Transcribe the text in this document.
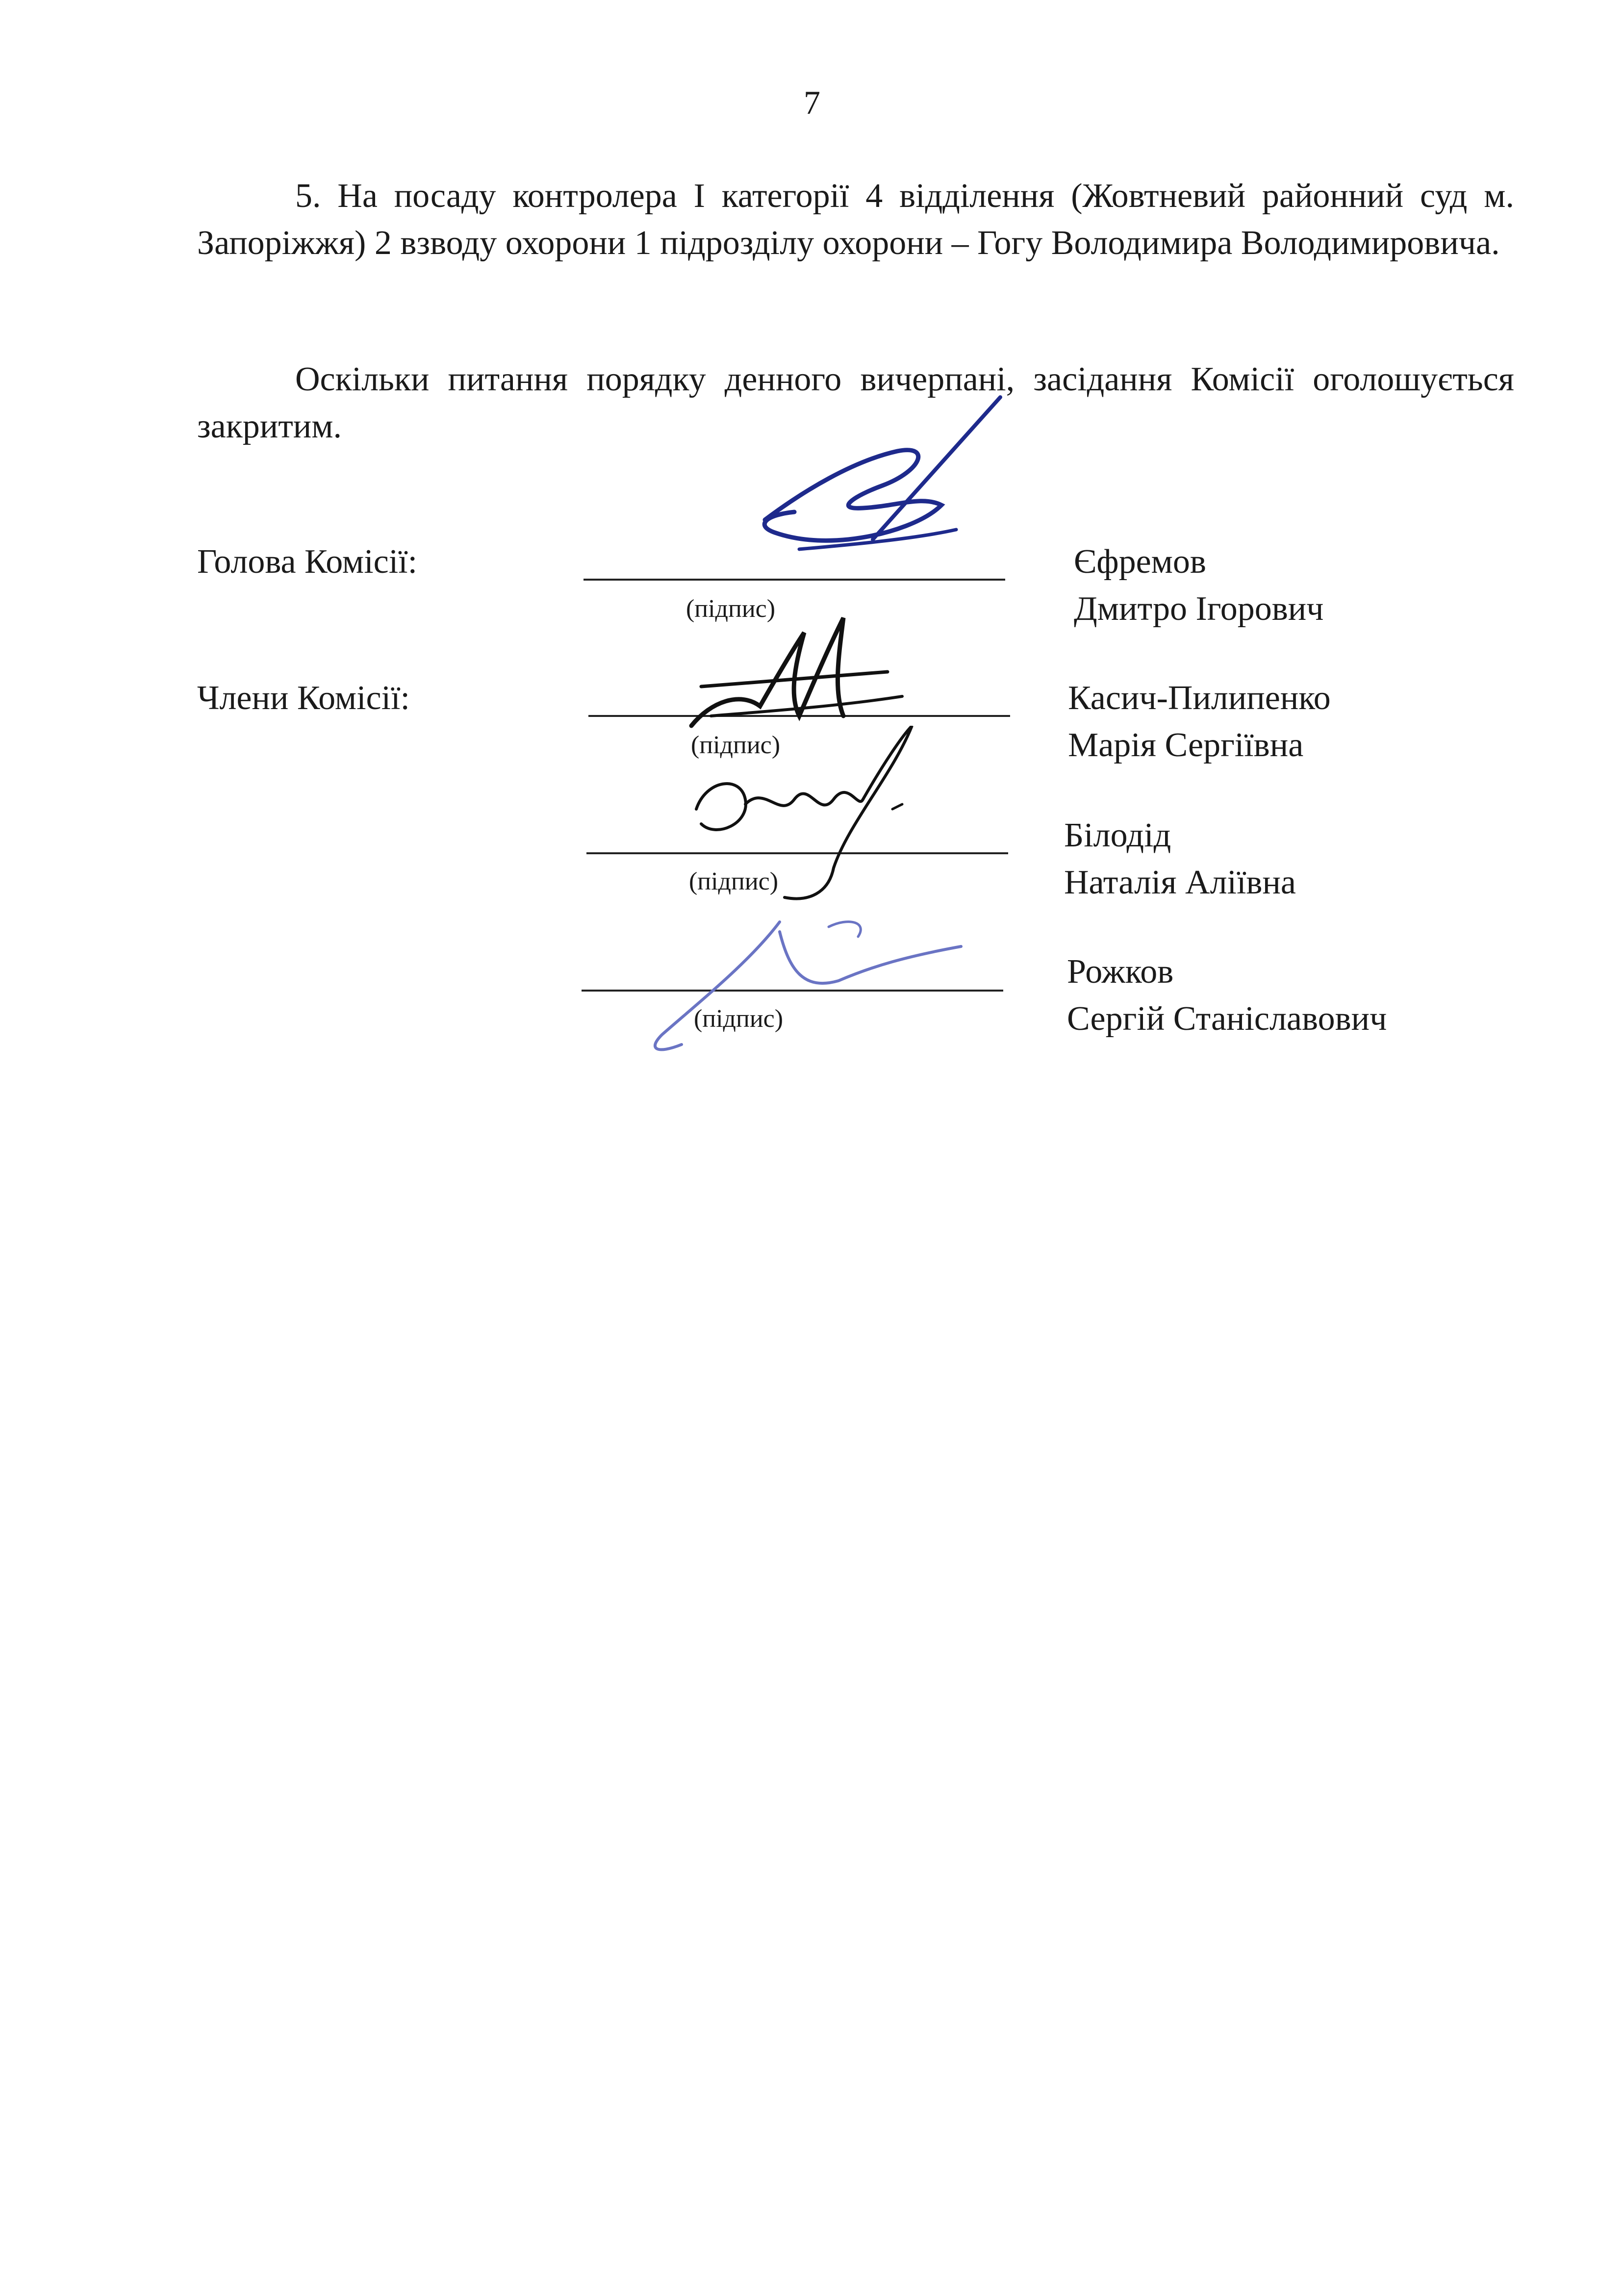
7

5. На посаду контролера І категорії 4 відділення (Жовтневий районний суд м. Запоріжжя) 2 взводу охорони 1 підрозділу охорони – Гогу Володимира Володимировича.

Оскільки питання порядку денного вичерпані, засідання Комісії оголошується закритим.

Голова Комісії:
Члени Комісії:
(підпис)
(підпис)
(підпис)
(підпис)
Єфремов
Дмитро Ігорович
Касич-Пилипенко
Марія Сергіївна
Білодід
Наталія Аліївна
Рожков
Сергій Станіславович
